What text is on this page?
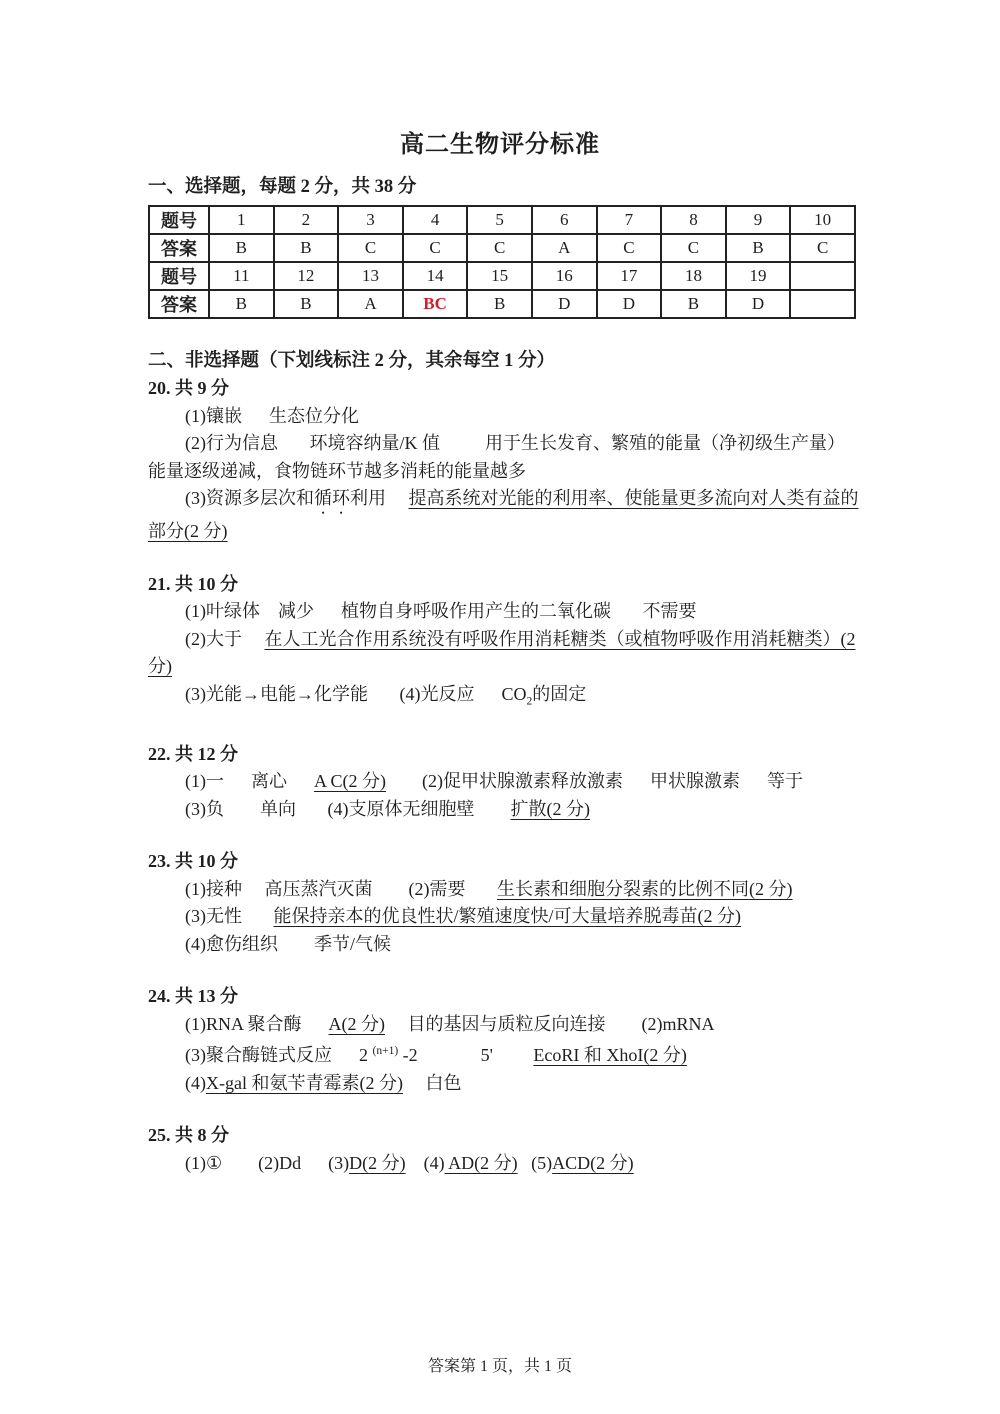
高二生物评分标准
一、选择题，每题 2 分，共 38 分
题号	1	2	3	4	5	6	7	8	9	10
答案	B	B	C	C	C	A	C	C	B	C
题号	11	12	13	14	15	16	17	18	19	
答案	B	B	A	BC	B	D	D	B	D	
二、非选择题（下划线标注 2 分，其余每空 1 分）
20. 共 9 分
(1)镶嵌 生态位分化
(2)行为信息 环境容纳量/K 值	用于生长发育、繁殖的能量（净初级生产量）
能量逐级递减，食物链环节越多消耗的能量越多
(3)资源多层次和循环利用 提高系统对光能的利用率、使能量更多流向对人类有益的
部分(2 分)
21. 共 10 分
(1)叶绿体 减少 植物自身呼吸作用产生的二氧化碳 不需要
(2)大于 在人工光合作用系统没有呼吸作用消耗糖类（或植物呼吸作用消耗糖类）(2
分)
(3)光能→电能→化学能 (4)光反应 $CO_2$的固定
22. 共 12 分
(1)一 离心 A C(2 分) (2)促甲状腺激素释放激素 甲状腺激素 等于
(3)负 单向 (4)支原体无细胞壁 扩散(2 分)
23. 共 10 分
(1)接种 高压蒸汽灭菌 (2)需要 生长素和细胞分裂素的比例不同(2 分)
(3)无性 能保持亲本的优良性状/繁殖速度快/可大量培养脱毒苗(2 分)
(4)愈伤组织 季节/气候
24. 共 13 分
(1)RNA 聚合酶 A(2 分) 目的基因与质粒反向连接 (2)mRNA
(3)聚合酶链式反应 2 $^{(n+1)}$ -2	5' EcoRI 和 XhoI(2 分)
(4)X-gal 和氨苄青霉素(2 分) 白色
25. 共 8 分
(1)① (2)Dd (3)D(2 分) (4) AD(2 分) (5)ACD(2 分)
答案第 1 页，共 1 页
